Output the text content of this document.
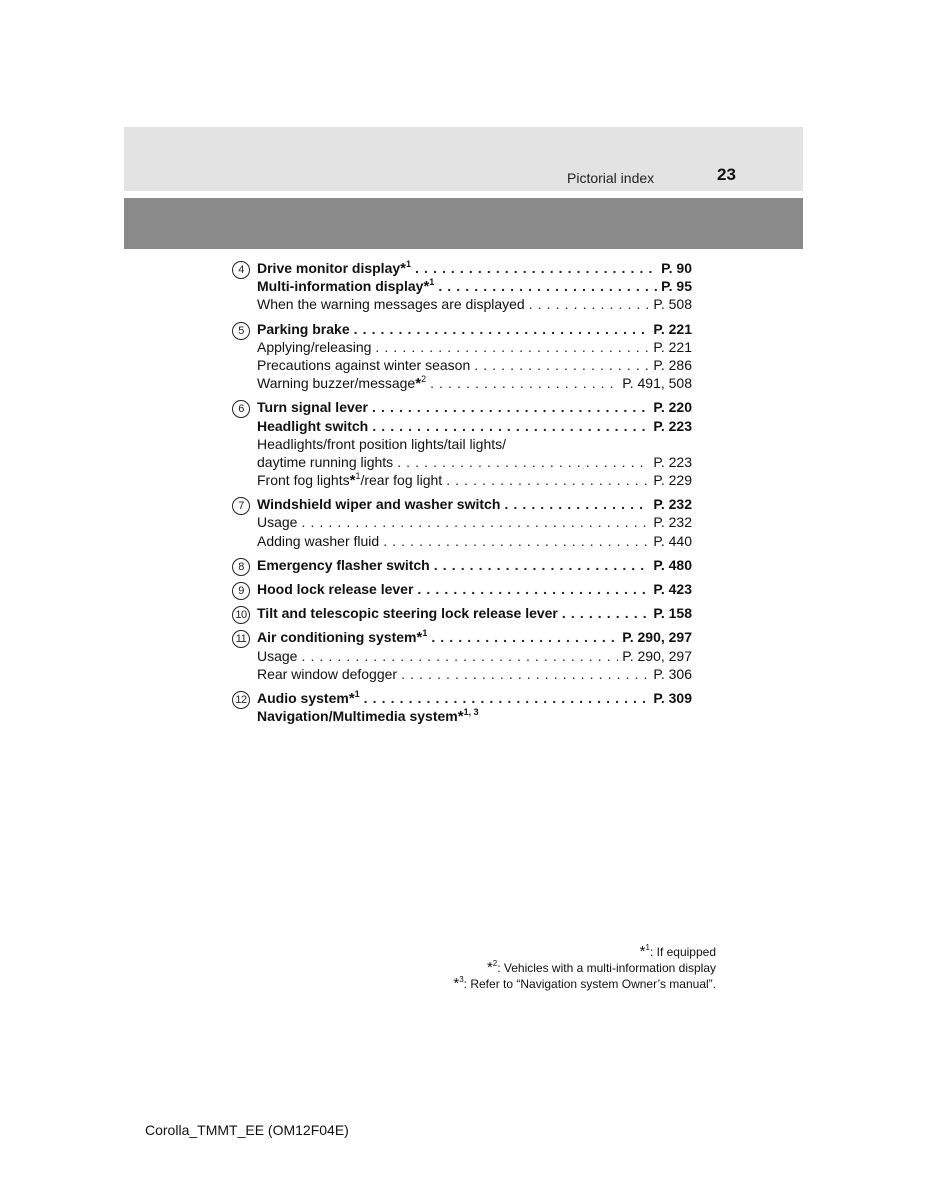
Pictorial index	23
4 Drive monitor display*$^1$ . . .	P. 90
Multi-information display*$^1$ . . .	P. 95
When the warning messages are displayed . . .	P. 508
5 Parking brake . . .	P. 221
Applying/releasing . . .	P. 221
Precautions against winter season . . .	P. 286
Warning buzzer/message*$^2$ . . .	P. 491, 508
6 Turn signal lever . . .	P. 220
Headlight switch . . .	P. 223
Headlights/front position lights/tail lights/
daytime running lights . . .	P. 223
Front fog lights*$^1$/rear fog light . . .	P. 229
7 Windshield wiper and washer switch . . .	P. 232
Usage . . .	P. 232
Adding washer fluid . . .	P. 440
8 Emergency flasher switch . . .	P. 480
9 Hood lock release lever . . .	P. 423
10 Tilt and telescopic steering lock release lever . . .	P. 158
11 Air conditioning system*$^1$ . . .	P. 290, 297
Usage . . .	P. 290, 297
Rear window defogger . . .	P. 306
12 Audio system*$^1$ . . .	P. 309
Navigation/Multimedia system*$^{1, 3}$
*$^1$: If equipped
*$^2$: Vehicles with a multi-information display
*$^3$: Refer to “Navigation system Owner’s manual”.
Corolla_TMMT_EE (OM12F04E)
